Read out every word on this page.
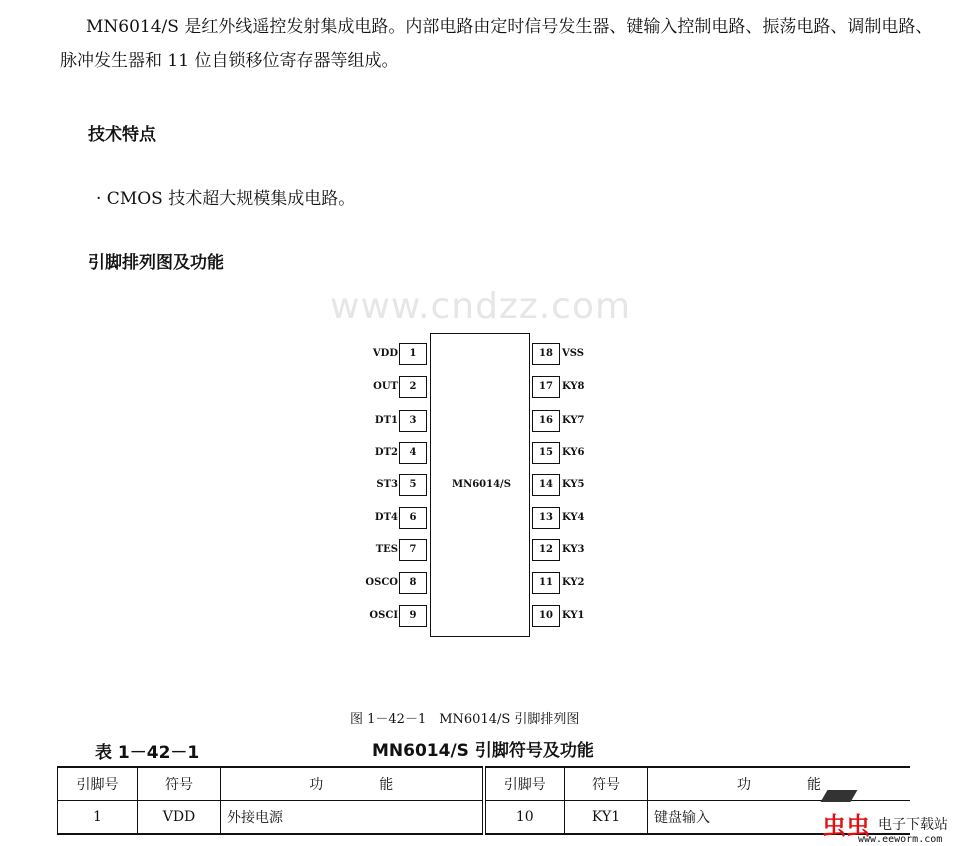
MN6014/S 是红外线遥控发射集成电路。内部电路由定时信号发生器、键输入控制电路、振荡电路、调制电路、脉冲发生器和 11 位自锁移位寄存器等组成。
技术特点
· CMOS 技术超大规模集成电路。
引脚排列图及功能
www.cndzz.com
MN6014/S
1
VDD	18 VSS
2
OUT	17 KY8
3
DT1	16 KY7
4
DT2	15 KY6
5
ST3	14 KY5
6
DT4	13 KY4
7
TES	12 KY3
8
OSCO	11 KY2
9
OSCI	10 KY1
图 1－42－1　MN6014/S 引脚排列图
表 1－42－1	MN6014/S 引脚符号及功能
引脚号	符号	功　　　　能	引脚号	符号	功　　　　能
1	VDD	外接电源	10	KY1	键盘输入	虫虫 电子下载站
www.eeworm.com
